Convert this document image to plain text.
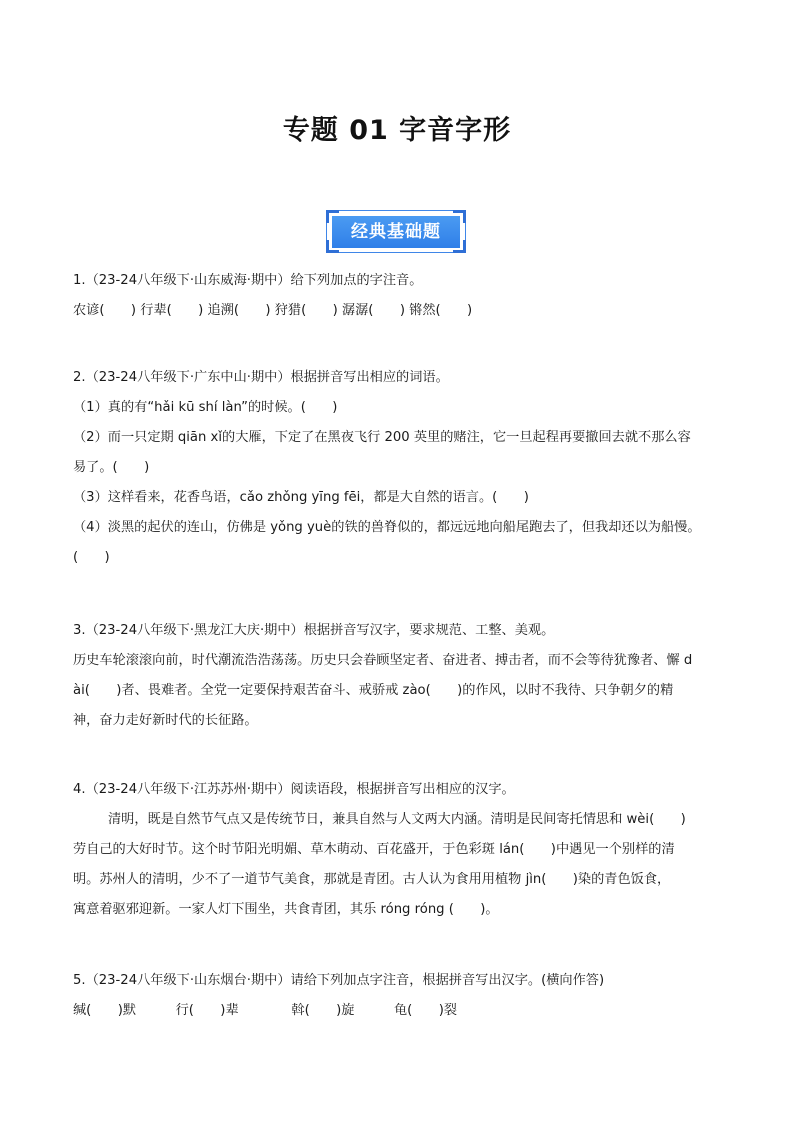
专题 01 字音字形
经典基础题
1.（23-24八年级下·山东威海·期中）给下列加点的字注音。
农谚(　　) 行辈(　　) 追溯(　　) 狩猎(　　) 潺潺(　　) 锵然(　　)
2.（23-24八年级下·广东中山·期中）根据拼音写出相应的词语。
（1）真的有“hǎi kū shí làn”的时候。(　　)
（2）而一只定期 qiān xǐ的大雁，下定了在黑夜飞行 200 英里的赌注，它一旦起程再要撤回去就不那么容
易了。(　　)
（3）这样看来，花香鸟语，cǎo zhǒng yīng fēi，都是大自然的语言。(　　)
（4）淡黑的起伏的连山，仿佛是 yǒng yuè的铁的兽脊似的，都远远地向船尾跑去了，但我却还以为船慢。
(　　)
3.（23-24八年级下·黑龙江大庆·期中）根据拼音写汉字，要求规范、工整、美观。
历史车轮滚滚向前，时代潮流浩浩荡荡。历史只会眷顾坚定者、奋进者、搏击者，而不会等待犹豫者、懈 d
ài(　　)者、畏难者。全党一定要保持艰苦奋斗、戒骄戒 zào(　　)的作风，以时不我待、只争朝夕的精
神，奋力走好新时代的长征路。
4.（23-24八年级下·江苏苏州·期中）阅读语段，根据拼音写出相应的汉字。
清明，既是自然节气点又是传统节日，兼具自然与人文两大内涵。清明是民间寄托情思和 wèi(　　)
劳自己的大好时节。这个时节阳光明媚、草木萌动、百花盛开，于色彩斑 lán(　　)中遇见一个别样的清
明。苏州人的清明，少不了一道节气美食，那就是青团。古人认为食用用植物 jìn(　　)染的青色饭食，
寓意着驱邪迎新。一家人灯下围坐，共食青团，其乐 róng róng (　　)。
5.（23-24八年级下·山东烟台·期中）请给下列加点字注音，根据拼音写出汉字。(横向作答)
缄(　　)默　　　行(　　)辈　　　　斡(　　)旋　　　龟(　　)裂
